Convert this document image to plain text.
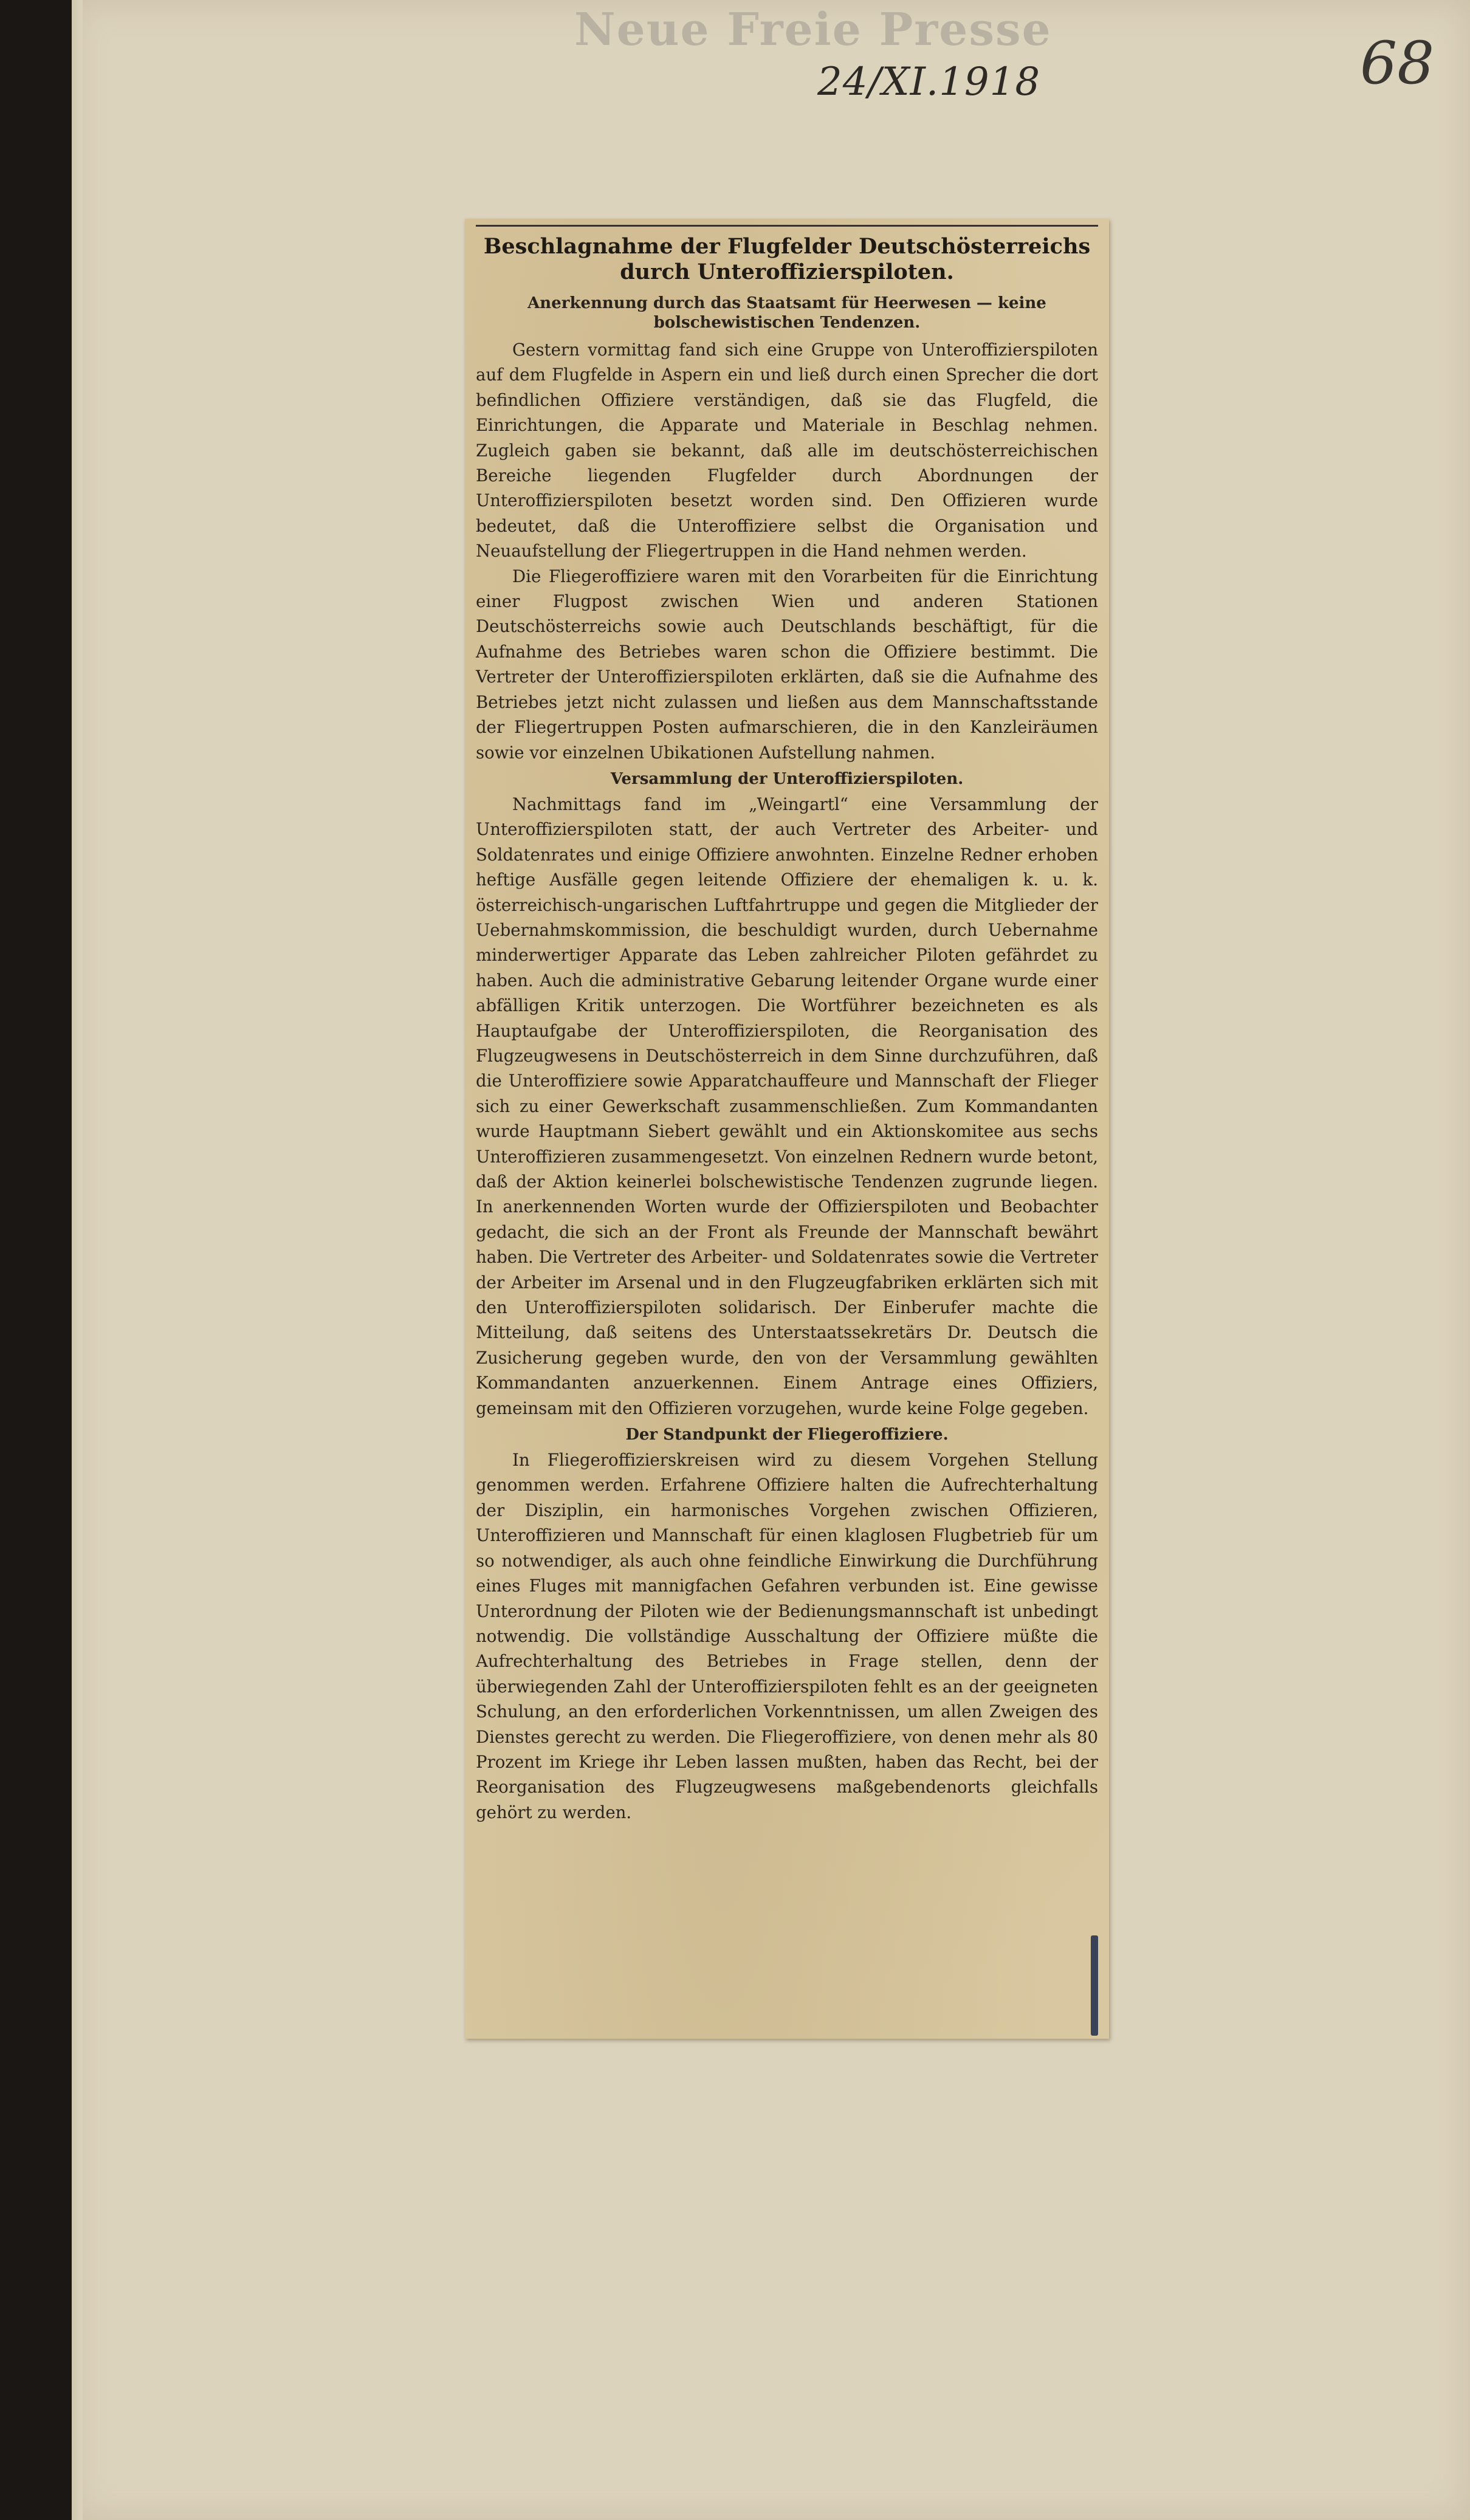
Neue Freie Presse
24/XI.1918	68
Beschlagnahme der Flugfelder Deutschösterreichs durch Unteroffizierspiloten.
Anerkennung durch das Staatsamt für Heerwesen — keine bolschewistischen Tendenzen.

Gestern vormittag fand sich eine Gruppe von Unteroffizierspiloten auf dem Flugfelde in Aspern ein und ließ durch einen Sprecher die dort befindlichen Offiziere verständigen, daß sie das Flugfeld, die Einrichtungen, die Apparate und Materiale in Beschlag nehmen. Zugleich gaben sie bekannt, daß alle im deutschösterreichischen Bereiche liegenden Flugfelder durch Abordnungen der Unteroffizierspiloten besetzt worden sind. Den Offizieren wurde bedeutet, daß die Unteroffiziere selbst die Organisation und Neuaufstellung der Fliegertruppen in die Hand nehmen werden.

Die Fliegeroffiziere waren mit den Vorarbeiten für die Einrichtung einer Flugpost zwischen Wien und anderen Stationen Deutschösterreichs sowie auch Deutschlands beschäftigt, für die Aufnahme des Betriebes waren schon die Offiziere bestimmt. Die Vertreter der Unteroffizierspiloten erklärten, daß sie die Aufnahme des Betriebes jetzt nicht zulassen und ließen aus dem Mannschaftsstande der Fliegertruppen Posten aufmarschieren, die in den Kanzleiräumen sowie vor einzelnen Ubikationen Aufstellung nahmen.

Versammlung der Unteroffizierspiloten.

Nachmittags fand im „Weingartl“ eine Versammlung der Unteroffizierspiloten statt, der auch Vertreter des Arbeiter- und Soldatenrates und einige Offiziere anwohnten. Einzelne Redner erhoben heftige Ausfälle gegen leitende Offiziere der ehemaligen k. u. k. österreichisch-ungarischen Luftfahrtruppe und gegen die Mitglieder der Uebernahmskommission, die beschuldigt wurden, durch Uebernahme minderwertiger Apparate das Leben zahlreicher Piloten gefährdet zu haben. Auch die administrative Gebarung leitender Organe wurde einer abfälligen Kritik unterzogen. Die Wortführer bezeichneten es als Hauptaufgabe der Unteroffizierspiloten, die Reorganisation des Flugzeugwesens in Deutschösterreich in dem Sinne durchzuführen, daß die Unteroffiziere sowie Apparatchauffeure und Mannschaft der Flieger sich zu einer Gewerkschaft zusammenschließen. Zum Kommandanten wurde Hauptmann Siebert gewählt und ein Aktionskomitee aus sechs Unteroffizieren zusammengesetzt. Von einzelnen Rednern wurde betont, daß der Aktion keinerlei bolschewistische Tendenzen zugrunde liegen. In anerkennenden Worten wurde der Offizierspiloten und Beobachter gedacht, die sich an der Front als Freunde der Mannschaft bewährt haben. Die Vertreter des Arbeiter- und Soldatenrates sowie die Vertreter der Arbeiter im Arsenal und in den Flugzeugfabriken erklärten sich mit den Unteroffizierspiloten solidarisch. Der Einberufer machte die Mitteilung, daß seitens des Unterstaatssekretärs Dr. Deutsch die Zusicherung gegeben wurde, den von der Versammlung gewählten Kommandanten anzuerkennen. Einem Antrage eines Offiziers, gemeinsam mit den Offizieren vorzugehen, wurde keine Folge gegeben.

Der Standpunkt der Fliegeroffiziere.

In Fliegeroffizierskreisen wird zu diesem Vorgehen Stellung genommen werden. Erfahrene Offiziere halten die Aufrechterhaltung der Disziplin, ein harmonisches Vorgehen zwischen Offizieren, Unteroffizieren und Mannschaft für einen klaglosen Flugbetrieb für um so notwendiger, als auch ohne feindliche Einwirkung die Durchführung eines Fluges mit mannigfachen Gefahren verbunden ist. Eine gewisse Unterordnung der Piloten wie der Bedienungsmannschaft ist unbedingt notwendig. Die vollständige Ausschaltung der Offiziere müßte die Aufrechterhaltung des Betriebes in Frage stellen, denn der überwiegenden Zahl der Unteroffizierspiloten fehlt es an der geeigneten Schulung, an den erforderlichen Vorkenntnissen, um allen Zweigen des Dienstes gerecht zu werden. Die Fliegeroffiziere, von denen mehr als 80 Prozent im Kriege ihr Leben lassen mußten, haben das Recht, bei der Reorganisation des Flugzeugwesens maßgebendenorts gleichfalls gehört zu werden.
